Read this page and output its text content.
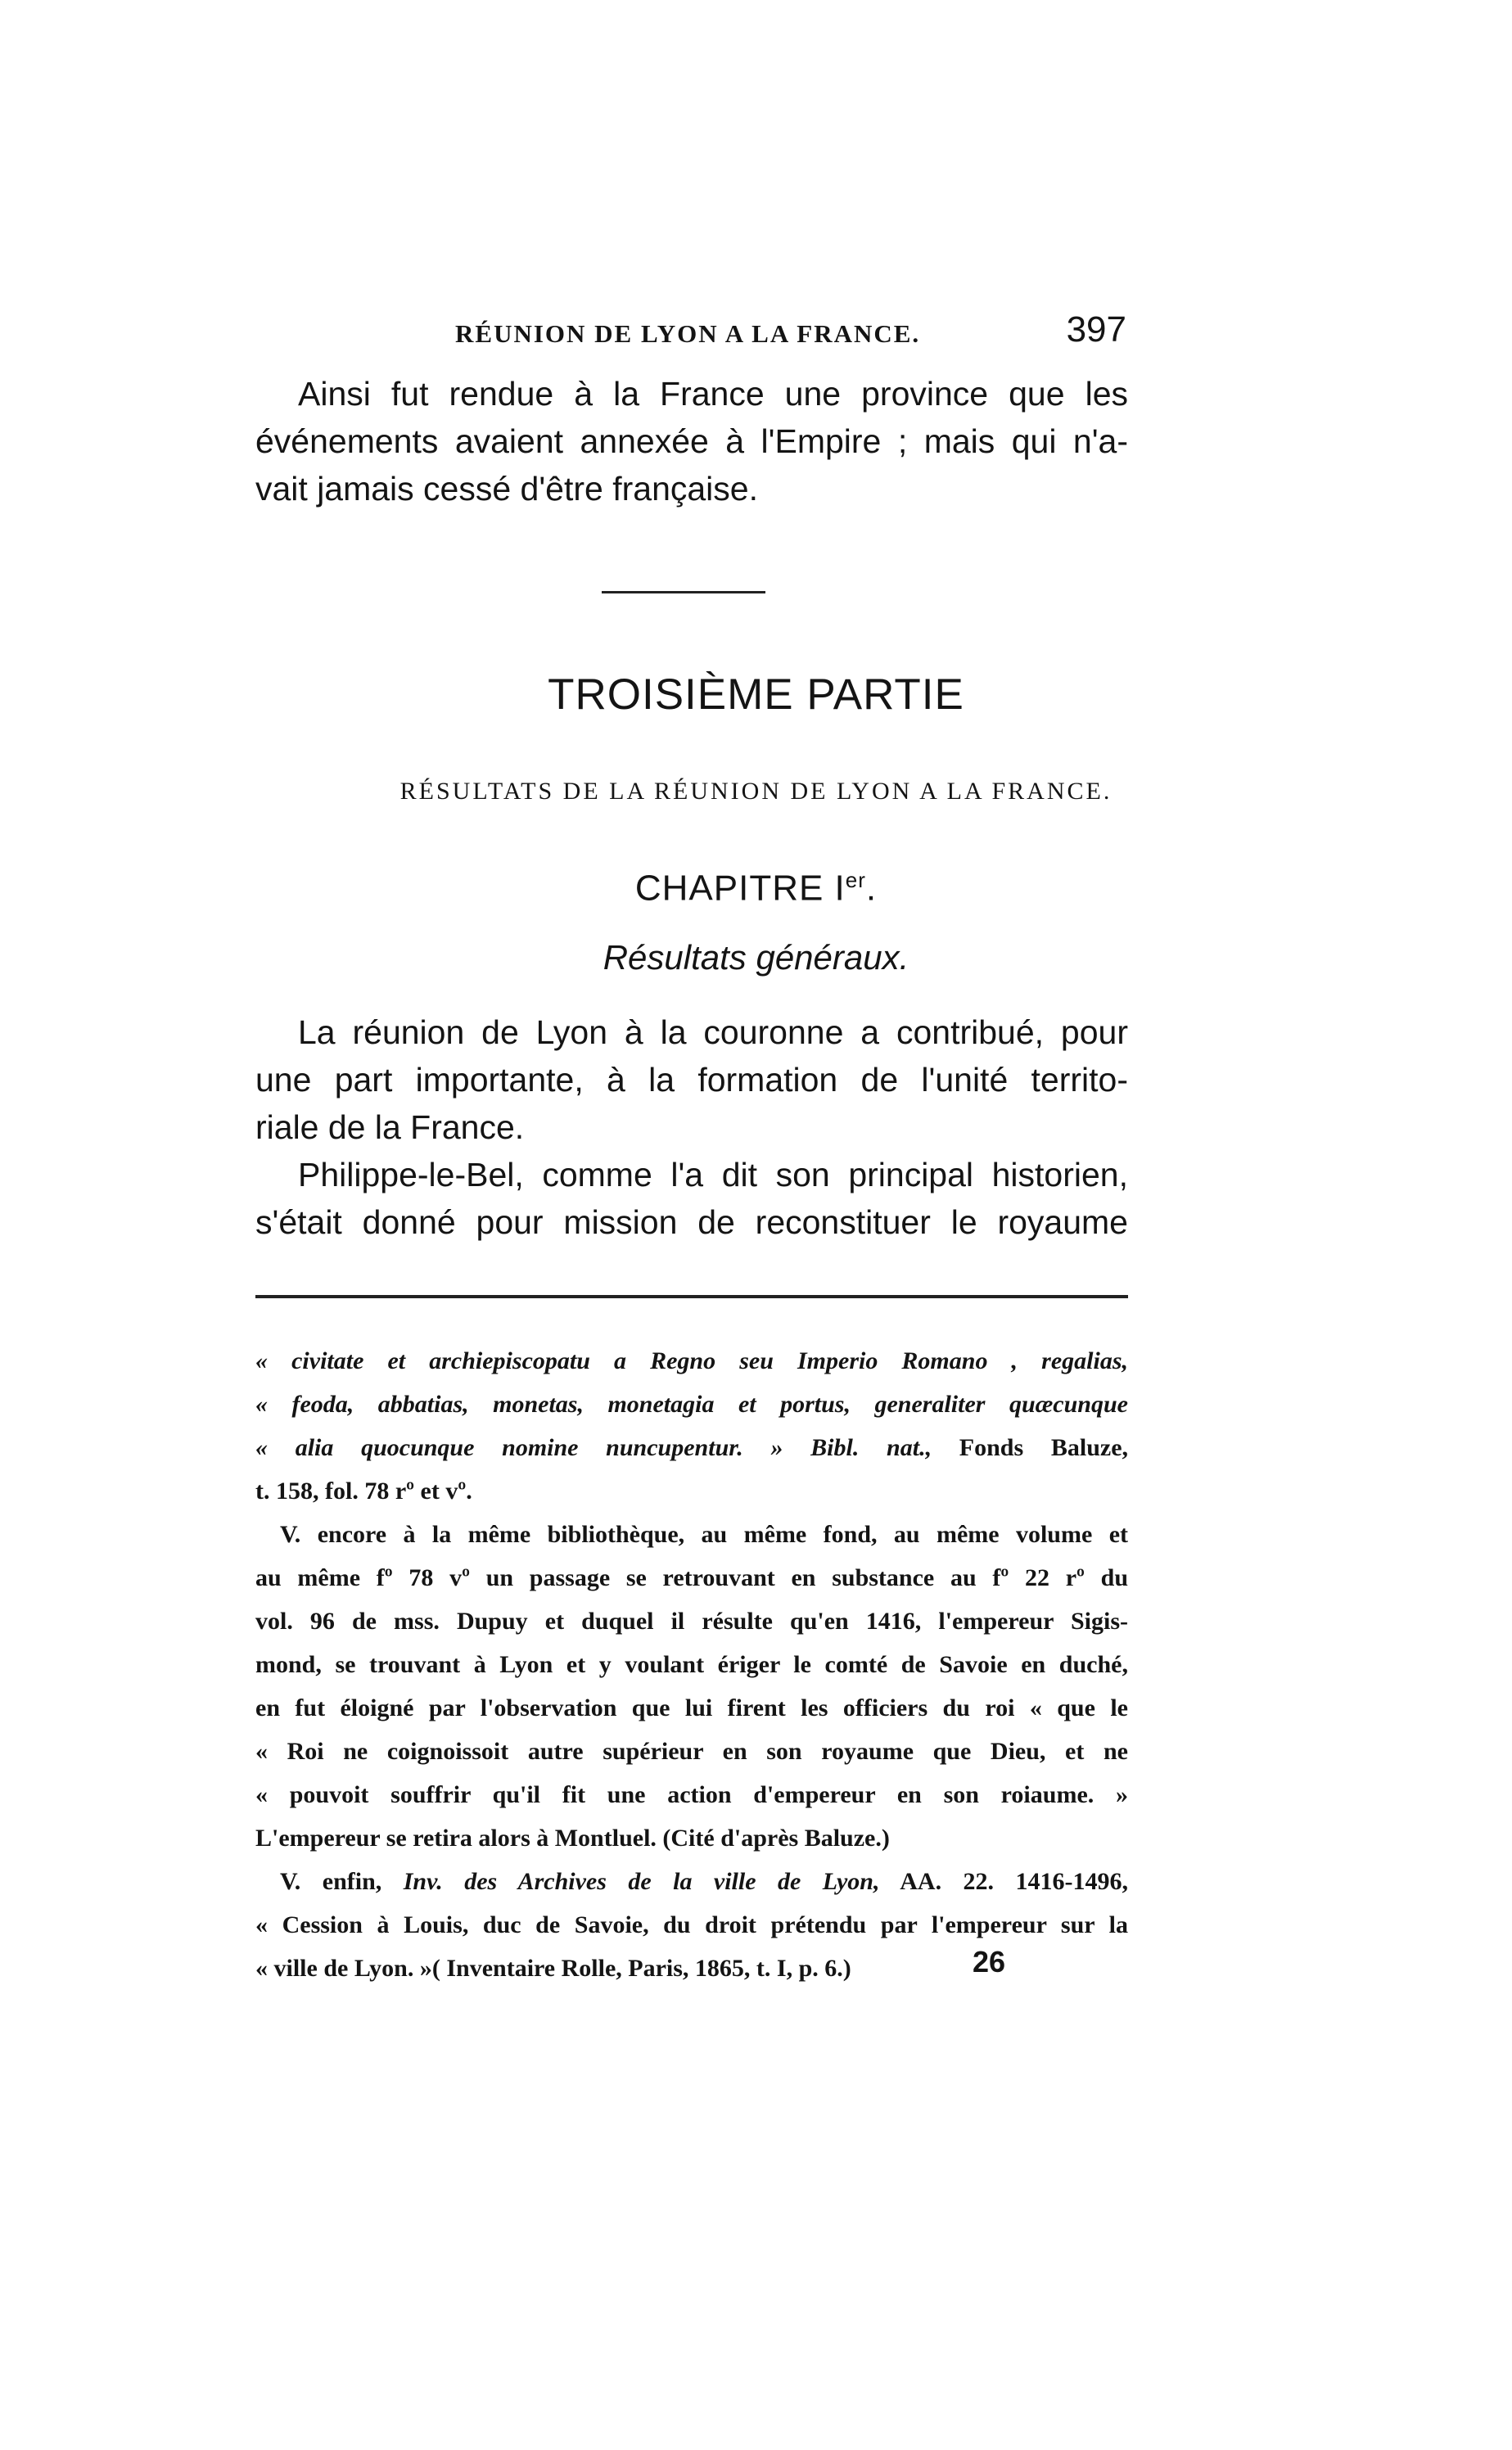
RÉUNION DE LYON A LA FRANCE.	397
Ainsi fut rendue à la France une province que les
événements avaient annexée à l'Empire ; mais qui n'a-
vait jamais cessé d'être française.
TROISIÈME PARTIE
RÉSULTATS DE LA RÉUNION DE LYON A LA FRANCE.
CHAPITRE Ier.
Résultats généraux.
La réunion de Lyon à la couronne a contribué, pour
une part importante, à la formation de l'unité territo-
riale de la France.
Philippe-le-Bel, comme l'a dit son principal historien,
s'était donné pour mission de reconstituer le royaume
« civitate et archiepiscopatu a Regno seu Imperio Romano , regalias,
« feoda, abbatias, monetas, monetagia et portus, generaliter quæcunque
« alia quocunque nomine nuncupentur. » Bibl. nat., Fonds Baluze,
t. 158, fol. 78 rº et vº.
V. encore à la même bibliothèque, au même fond, au même volume et
au même fº 78 vº un passage se retrouvant en substance au fº 22 rº du
vol. 96 de mss. Dupuy et duquel il résulte qu'en 1416, l'empereur Sigis-
mond, se trouvant à Lyon et y voulant ériger le comté de Savoie en duché,
en fut éloigné par l'observation que lui firent les officiers du roi « que le
« Roi ne coignoissoit autre supérieur en son royaume que Dieu, et ne
« pouvoit souffrir qu'il fit une action d'empereur en son roiaume. »
L'empereur se retira alors à Montluel. (Cité d'après Baluze.)
V. enfin, Inv. des Archives de la ville de Lyon, AA. 22. 1416-1496,
« Cession à Louis, duc de Savoie, du droit prétendu par l'empereur sur la
« ville de Lyon. »( Inventaire Rolle, Paris, 1865, t. I, p. 6.)	26
